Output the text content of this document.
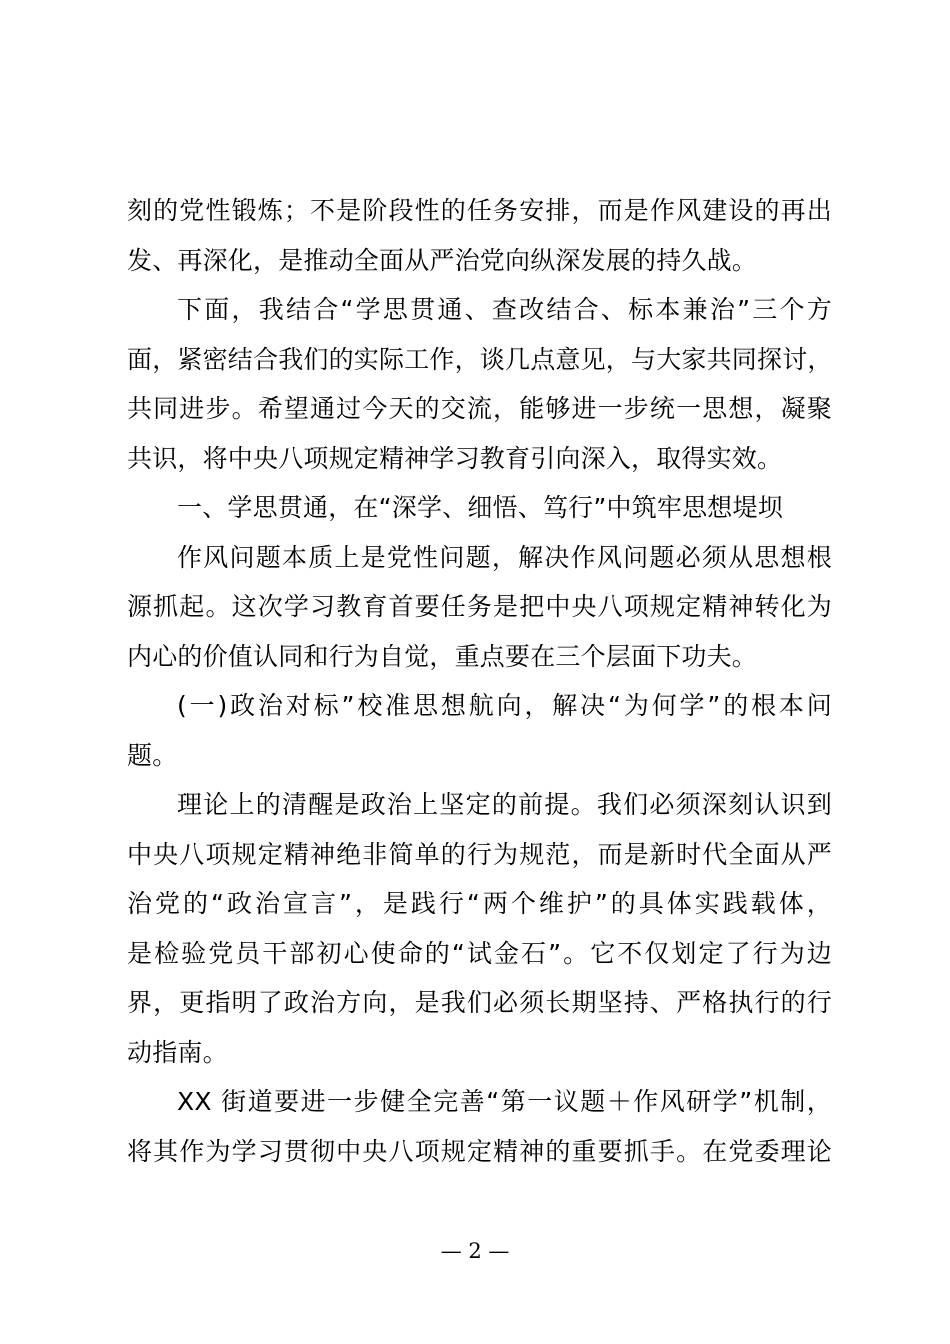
刻的党性锻炼；不是阶段性的任务安排，而是作风建设的再出
发、再深化，是推动全面从严治党向纵深发展的持久战。
下面，我结合“学思贯通、查改结合、标本兼治”三个方
面，紧密结合我们的实际工作，谈几点意见，与大家共同探讨，
共同进步。希望通过今天的交流，能够进一步统一思想，凝聚
共识，将中央八项规定精神学习教育引向深入，取得实效。
一、学思贯通，在“深学、细悟、笃行”中筑牢思想堤坝
作风问题本质上是党性问题，解决作风问题必须从思想根
源抓起。这次学习教育首要任务是把中央八项规定精神转化为
内心的价值认同和行为自觉，重点要在三个层面下功夫。
(一)政治对标”校准思想航向，解决“为何学”的根本问
题。
理论上的清醒是政治上坚定的前提。我们必须深刻认识到
中央八项规定精神绝非简单的行为规范，而是新时代全面从严
治党的“政治宣言”，是践行“两个维护”的具体实践载体，
是检验党员干部初心使命的“试金石”。它不仅划定了行为边
界，更指明了政治方向，是我们必须长期坚持、严格执行的行
动指南。
XX 街道要进一步健全完善“第一议题＋作风研学”机制，
将其作为学习贯彻中央八项规定精神的重要抓手。在党委理论
— 2 —
